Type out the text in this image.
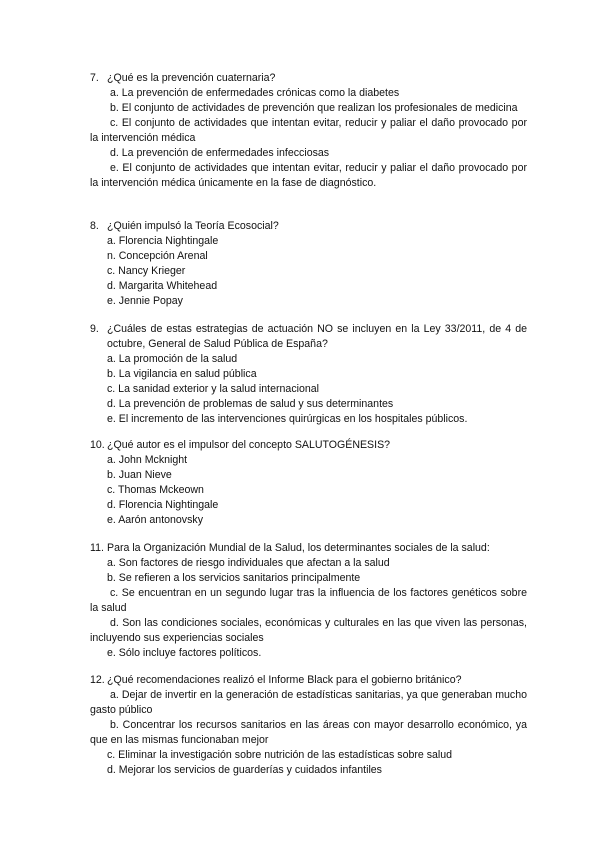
7. ¿Qué es la prevención cuaternaria?
a. La prevención de enfermedades crónicas como la diabetes
b. El conjunto de actividades de prevención que realizan los profesionales de medicina
c. El conjunto de actividades que intentan evitar, reducir y paliar el daño provocado por la intervención médica
d. La prevención de enfermedades infecciosas
e. El conjunto de actividades que intentan evitar, reducir y paliar el daño provocado por la intervención médica únicamente en la fase de diagnóstico.
8. ¿Quién impulsó la Teoría Ecosocial?
a. Florencia Nightingale
n. Concepción Arenal
c. Nancy Krieger
d. Margarita Whitehead
e. Jennie Popay
9. ¿Cuáles de estas estrategias de actuación NO se incluyen en la Ley 33/2011, de 4 de octubre, General de Salud Pública de España?
a. La promoción de la salud
b. La vigilancia en salud pública
c. La sanidad exterior y la salud internacional
d. La prevención de problemas de salud y sus determinantes
e. El incremento de las intervenciones quirúrgicas en los hospitales públicos.
10. ¿Qué autor es el impulsor del concepto SALUTOGÉNESIS?
a. John Mcknight
b. Juan Nieve
c. Thomas Mckeown
d. Florencia Nightingale
e. Aarón antonovsky
11. Para la Organización Mundial de la Salud, los determinantes sociales de la salud:
a. Son factores de riesgo individuales que afectan a la salud
b. Se refieren a los servicios sanitarios principalmente
c. Se encuentran en un segundo lugar tras la influencia de los factores genéticos sobre la salud
d. Son las condiciones sociales, económicas y culturales en las que viven las personas, incluyendo sus experiencias sociales
e. Sólo incluye factores políticos.
12. ¿Qué recomendaciones realizó el Informe Black para el gobierno británico?
a. Dejar de invertir en la generación de estadísticas sanitarias, ya que generaban mucho gasto público
b. Concentrar los recursos sanitarios en las áreas con mayor desarrollo económico, ya que en las mismas funcionaban mejor
c. Eliminar la investigación sobre nutrición de las estadísticas sobre salud
d. Mejorar los servicios de guarderías y cuidados infantiles
